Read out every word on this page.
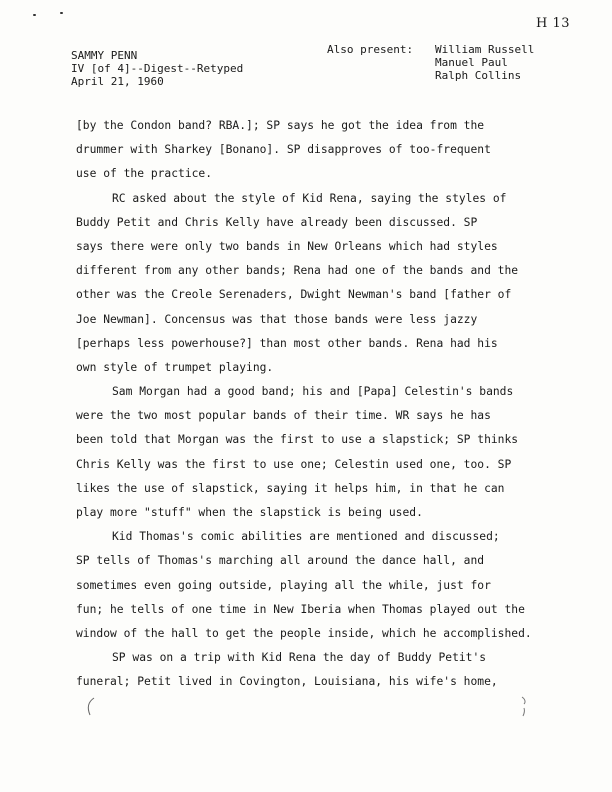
H 13
SAMMY PENN
IV [of 4]--Digest--Retyped
April 21, 1960
Also present: William Russell
Manuel Paul
Ralph Collins
[by the Condon band? RBA.]; SP says he got the idea from the
drummer with Sharkey [Bonano]. SP disapproves of too-frequent
use of the practice.
RC asked about the style of Kid Rena, saying the styles of
Buddy Petit and Chris Kelly have already been discussed. SP
says there were only two bands in New Orleans which had styles
different from any other bands; Rena had one of the bands and the
other was the Creole Serenaders, Dwight Newman's band [father of
Joe Newman]. Concensus was that those bands were less jazzy
[perhaps less powerhouse?] than most other bands. Rena had his
own style of trumpet playing.
Sam Morgan had a good band; his and [Papa] Celestin's bands
were the two most popular bands of their time. WR says he has
been told that Morgan was the first to use a slapstick; SP thinks
Chris Kelly was the first to use one; Celestin used one, too. SP
likes the use of slapstick, saying it helps him, in that he can
play more "stuff" when the slapstick is being used.
Kid Thomas's comic abilities are mentioned and discussed;
SP tells of Thomas's marching all around the dance hall, and
sometimes even going outside, playing all the while, just for
fun; he tells of one time in New Iberia when Thomas played out the
window of the hall to get the people inside, which he accomplished.
SP was on a trip with Kid Rena the day of Buddy Petit's
funeral; Petit lived in Covington, Louisiana, his wife's home,
